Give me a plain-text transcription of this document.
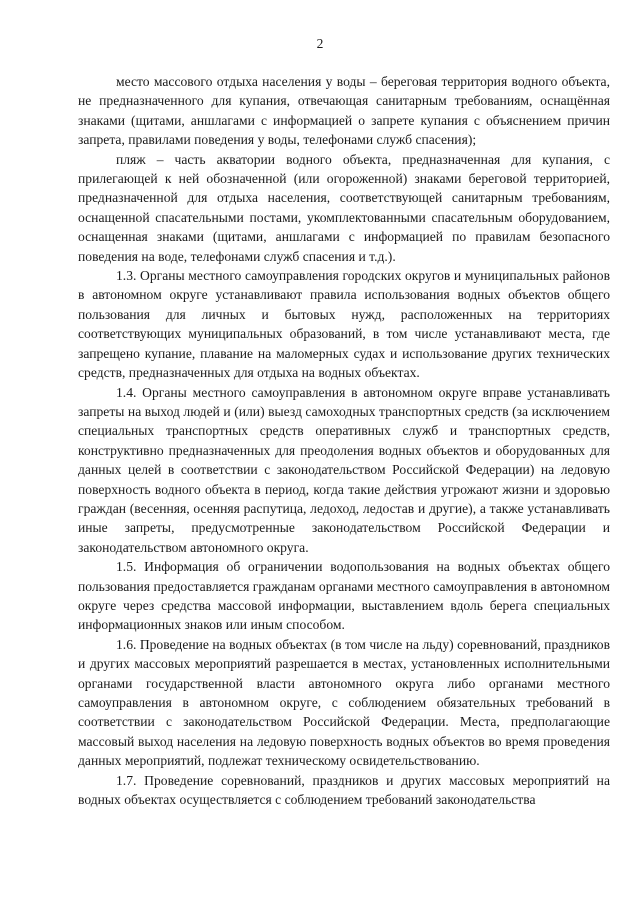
2

место массового отдыха населения у воды – береговая территория водного объекта, не предназначенного для купания, отвечающая санитарным требованиям, оснащённая знаками (щитами, аншлагами с информацией о запрете купания с объяснением причин запрета, правилами поведения у воды, телефонами служб спасения);

пляж – часть акватории водного объекта, предназначенная для купания, с прилегающей к ней обозначенной (или огороженной) знаками береговой территорией, предназначенной для отдыха населения, соответствующей санитарным требованиям, оснащенной спасательными постами, укомплектованными спасательным оборудованием, оснащенная знаками (щитами, аншлагами с информацией по правилам безопасного поведения на воде, телефонами служб спасения и т.д.).

1.3. Органы местного самоуправления городских округов и муниципальных районов в автономном округе устанавливают правила использования водных объектов общего пользования для личных и бытовых нужд, расположенных на территориях соответствующих муниципальных образований, в том числе устанавливают места, где запрещено купание, плавание на маломерных судах и использование других технических средств, предназначенных для отдыха на водных объектах.

1.4. Органы местного самоуправления в автономном округе вправе устанавливать запреты на выход людей и (или) выезд самоходных транспортных средств (за исключением специальных транспортных средств оперативных служб и транспортных средств, конструктивно предназначенных для преодоления водных объектов и оборудованных для данных целей в соответствии с законодательством Российской Федерации) на ледовую поверхность водного объекта в период, когда такие действия угрожают жизни и здоровью граждан (весенняя, осенняя распутица, ледоход, ледостав и другие), а также устанавливать иные запреты, предусмотренные законодательством Российской Федерации и законодательством автономного округа.

1.5. Информация об ограничении водопользования на водных объектах общего пользования предоставляется гражданам органами местного самоуправления в автономном округе через средства массовой информации, выставлением вдоль берега специальных информационных знаков или иным способом.

1.6. Проведение на водных объектах (в том числе на льду) соревнований, праздников и других массовых мероприятий разрешается в местах, установленных исполнительными органами государственной власти автономного округа либо органами местного самоуправления в автономном округе, с соблюдением обязательных требований в соответствии с законодательством Российской Федерации. Места, предполагающие массовый выход населения на ледовую поверхность водных объектов во время проведения данных мероприятий, подлежат техническому освидетельствованию.

1.7. Проведение соревнований, праздников и других массовых мероприятий на водных объектах осуществляется с соблюдением требований законодательства
